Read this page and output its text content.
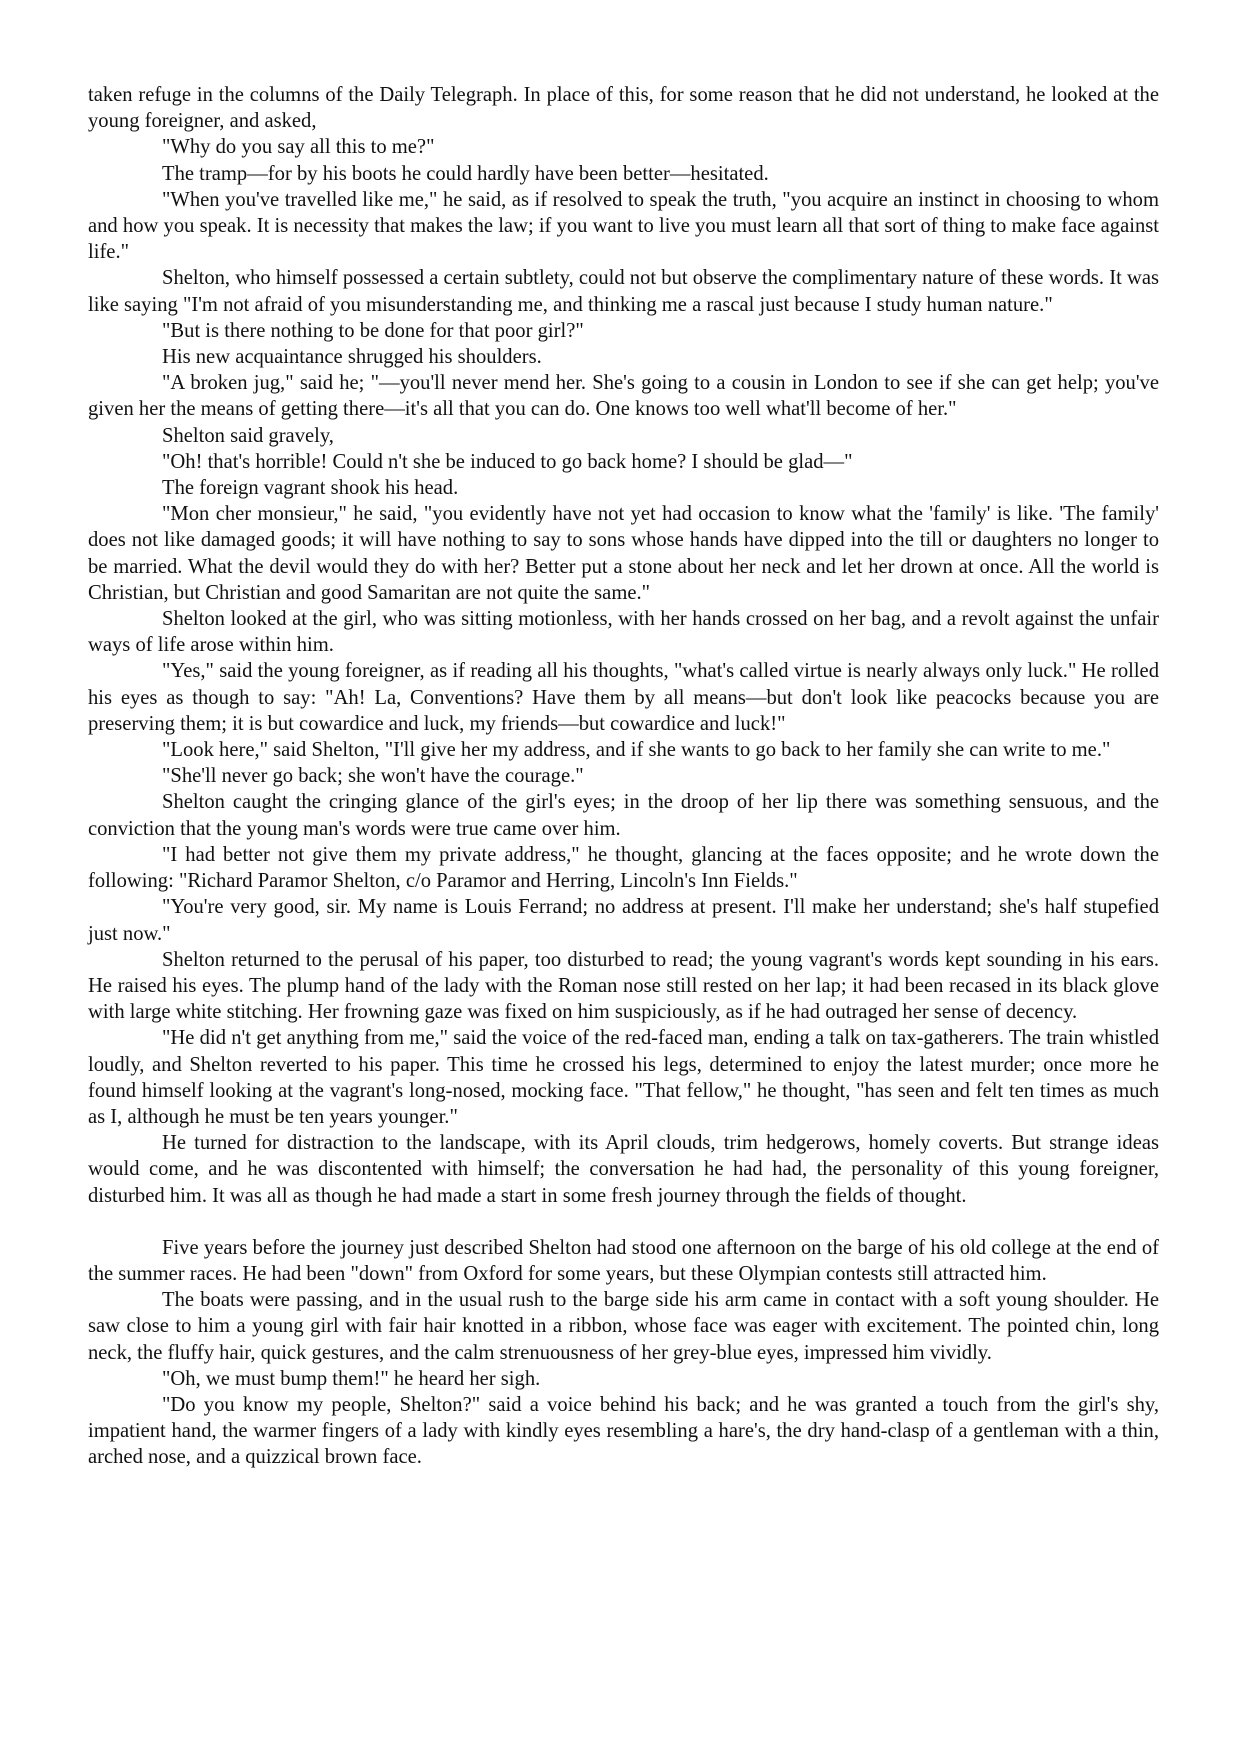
taken refuge in the columns of the Daily Telegraph. In place of this, for some reason that he did not understand, he looked at the young foreigner, and asked,

"Why do you say all this to me?"

The tramp—for by his boots he could hardly have been better—hesitated.

"When you've travelled like me," he said, as if resolved to speak the truth, "you acquire an instinct in choosing to whom and how you speak. It is necessity that makes the law; if you want to live you must learn all that sort of thing to make face against life."

Shelton, who himself possessed a certain subtlety, could not but observe the complimentary nature of these words. It was like saying "I'm not afraid of you misunderstanding me, and thinking me a rascal just because I study human nature."

"But is there nothing to be done for that poor girl?"

His new acquaintance shrugged his shoulders.

"A broken jug," said he; "—you'll never mend her. She's going to a cousin in London to see if she can get help; you've given her the means of getting there—it's all that you can do. One knows too well what'll become of her."

Shelton said gravely,

"Oh! that's horrible! Could n't she be induced to go back home? I should be glad—"

The foreign vagrant shook his head.

"Mon cher monsieur," he said, "you evidently have not yet had occasion to know what the 'family' is like. 'The family' does not like damaged goods; it will have nothing to say to sons whose hands have dipped into the till or daughters no longer to be married. What the devil would they do with her? Better put a stone about her neck and let her drown at once. All the world is Christian, but Christian and good Samaritan are not quite the same."

Shelton looked at the girl, who was sitting motionless, with her hands crossed on her bag, and a revolt against the unfair ways of life arose within him.

"Yes," said the young foreigner, as if reading all his thoughts, "what's called virtue is nearly always only luck." He rolled his eyes as though to say: "Ah! La, Conventions? Have them by all means—but don't look like peacocks because you are preserving them; it is but cowardice and luck, my friends—but cowardice and luck!"

"Look here," said Shelton, "I'll give her my address, and if she wants to go back to her family she can write to me."

"She'll never go back; she won't have the courage."

Shelton caught the cringing glance of the girl's eyes; in the droop of her lip there was something sensuous, and the conviction that the young man's words were true came over him.

"I had better not give them my private address," he thought, glancing at the faces opposite; and he wrote down the following: "Richard Paramor Shelton, c/o Paramor and Herring, Lincoln's Inn Fields."

"You're very good, sir. My name is Louis Ferrand; no address at present. I'll make her understand; she's half stupefied just now."

Shelton returned to the perusal of his paper, too disturbed to read; the young vagrant's words kept sounding in his ears. He raised his eyes. The plump hand of the lady with the Roman nose still rested on her lap; it had been recased in its black glove with large white stitching. Her frowning gaze was fixed on him suspiciously, as if he had outraged her sense of decency.

"He did n't get anything from me," said the voice of the red-faced man, ending a talk on tax-gatherers. The train whistled loudly, and Shelton reverted to his paper. This time he crossed his legs, determined to enjoy the latest murder; once more he found himself looking at the vagrant's long-nosed, mocking face. "That fellow," he thought, "has seen and felt ten times as much as I, although he must be ten years younger."

He turned for distraction to the landscape, with its April clouds, trim hedgerows, homely coverts. But strange ideas would come, and he was discontented with himself; the conversation he had had, the personality of this young foreigner, disturbed him. It was all as though he had made a start in some fresh journey through the fields of thought.

Five years before the journey just described Shelton had stood one afternoon on the barge of his old college at the end of the summer races. He had been "down" from Oxford for some years, but these Olympian contests still attracted him.

The boats were passing, and in the usual rush to the barge side his arm came in contact with a soft young shoulder. He saw close to him a young girl with fair hair knotted in a ribbon, whose face was eager with excitement. The pointed chin, long neck, the fluffy hair, quick gestures, and the calm strenuousness of her grey-blue eyes, impressed him vividly.

"Oh, we must bump them!" he heard her sigh.

"Do you know my people, Shelton?" said a voice behind his back; and he was granted a touch from the girl's shy, impatient hand, the warmer fingers of a lady with kindly eyes resembling a hare's, the dry hand-clasp of a gentleman with a thin, arched nose, and a quizzical brown face.
